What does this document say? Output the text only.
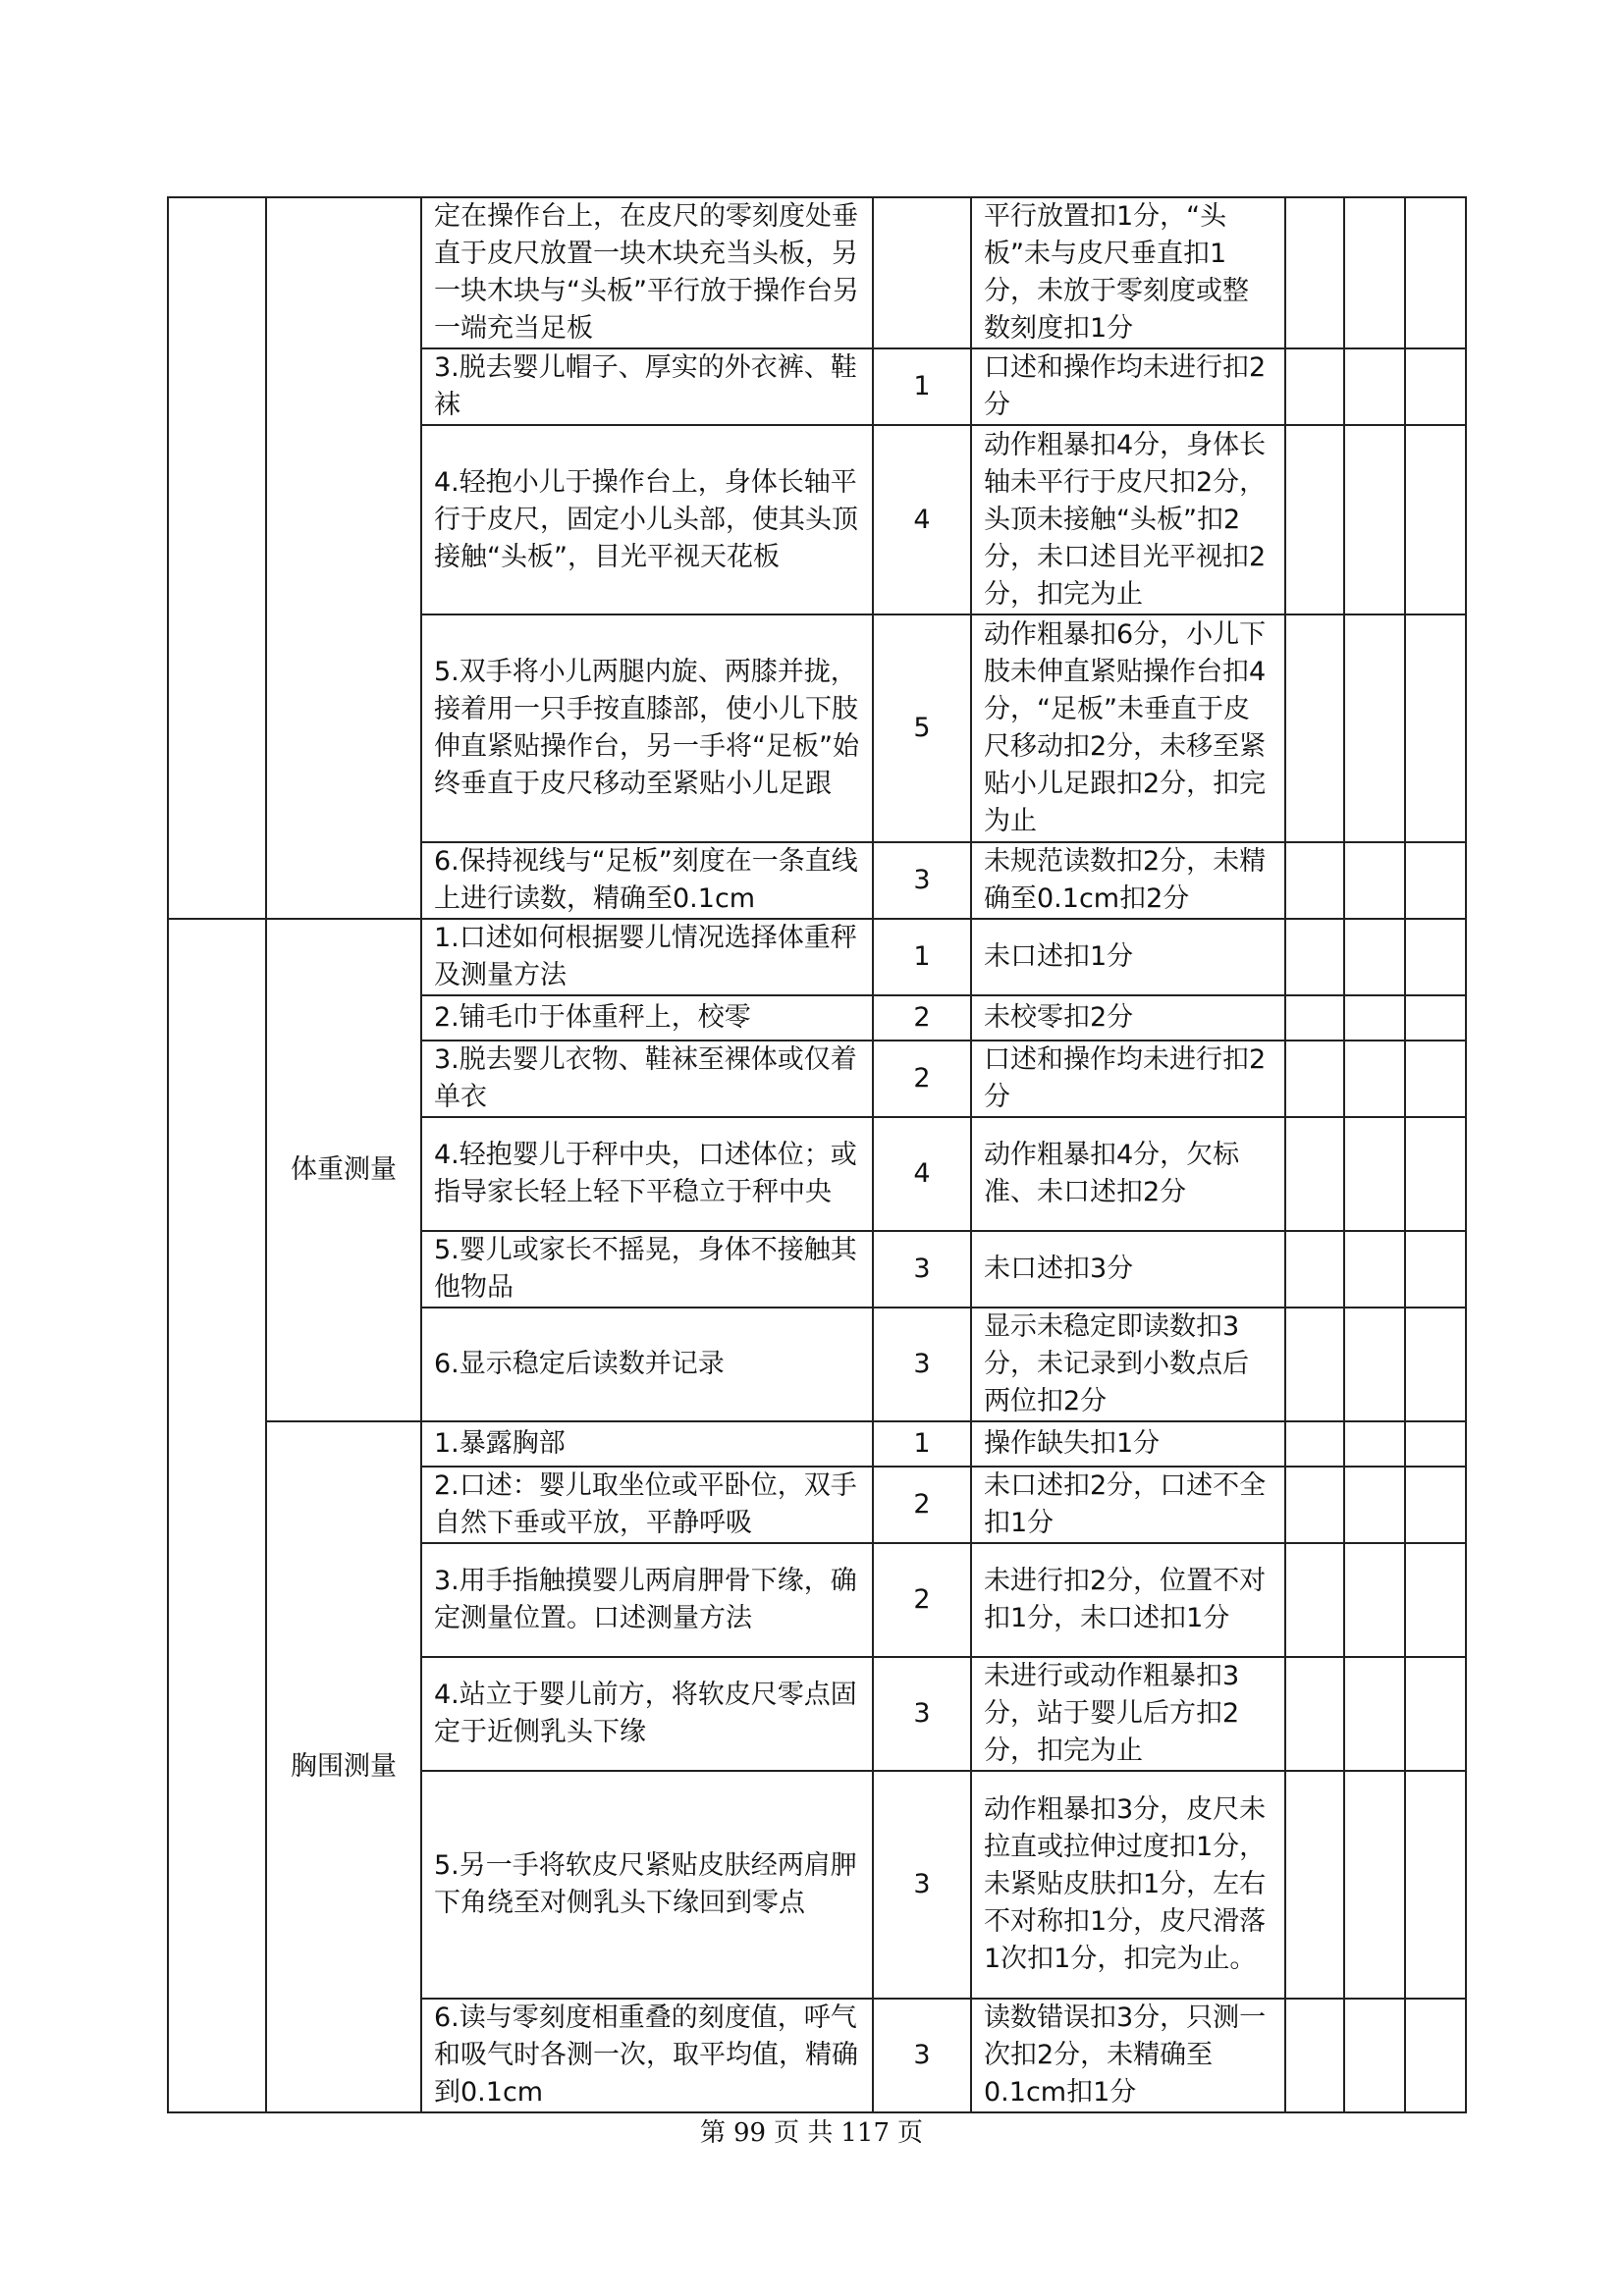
		定在操作台上，在皮尺的零刻度处垂直于皮尺放置一块木块充当头板，另一块木块与“头板”平行放于操作台另一端充当足板		平行放置扣1分，“头板”未与皮尺垂直扣1分，未放于零刻度或整数刻度扣1分			
		3.脱去婴儿帽子、厚实的外衣裤、鞋袜	1	口述和操作均未进行扣2分			
		4.轻抱小儿于操作台上，身体长轴平行于皮尺，固定小儿头部，使其头顶接触“头板”，目光平视天花板	4	动作粗暴扣4分，身体长轴未平行于皮尺扣2分，头顶未接触“头板”扣2分，未口述目光平视扣2分，扣完为止			
		5.双手将小儿两腿内旋、两膝并拢，接着用一只手按直膝部，使小儿下肢伸直紧贴操作台，另一手将“足板”始终垂直于皮尺移动至紧贴小儿足跟	5	动作粗暴扣6分，小儿下肢未伸直紧贴操作台扣4分，“足板”未垂直于皮尺移动扣2分，未移至紧贴小儿足跟扣2分，扣完为止			
		6.保持视线与“足板”刻度在一条直线上进行读数，精确至0.1cm	3	未规范读数扣2分，未精确至0.1cm扣2分			
	体重测量	1.口述如何根据婴儿情况选择体重秤及测量方法	1	未口述扣1分			
		2.铺毛巾于体重秤上，校零	2	未校零扣2分			
		3.脱去婴儿衣物、鞋袜至裸体或仅着单衣	2	口述和操作均未进行扣2分			
		4.轻抱婴儿于秤中央，口述体位；或指导家长轻上轻下平稳立于秤中央	4	动作粗暴扣4分，欠标准、未口述扣2分			
		5.婴儿或家长不摇晃，身体不接触其他物品	3	未口述扣3分			
		6.显示稳定后读数并记录	3	显示未稳定即读数扣3分，未记录到小数点后两位扣2分			
	胸围测量	1.暴露胸部	1	操作缺失扣1分			
		2.口述：婴儿取坐位或平卧位，双手自然下垂或平放，平静呼吸	2	未口述扣2分，口述不全扣1分			
		3.用手指触摸婴儿两肩胛骨下缘，确定测量位置。口述测量方法	2	未进行扣2分，位置不对扣1分，未口述扣1分			
		4.站立于婴儿前方，将软皮尺零点固定于近侧乳头下缘	3	未进行或动作粗暴扣3分，站于婴儿后方扣2分，扣完为止			
		5.另一手将软皮尺紧贴皮肤经两肩胛下角绕至对侧乳头下缘回到零点	3	动作粗暴扣3分，皮尺未拉直或拉伸过度扣1分，未紧贴皮肤扣1分，左右不对称扣1分，皮尺滑落1次扣1分，扣完为止。			
		6.读与零刻度相重叠的刻度值，呼气和吸气时各测一次，取平均值，精确到0.1cm	3	读数错误扣3分，只测一次扣2分，未精确至0.1cm扣1分			
第 99 页 共 117 页
